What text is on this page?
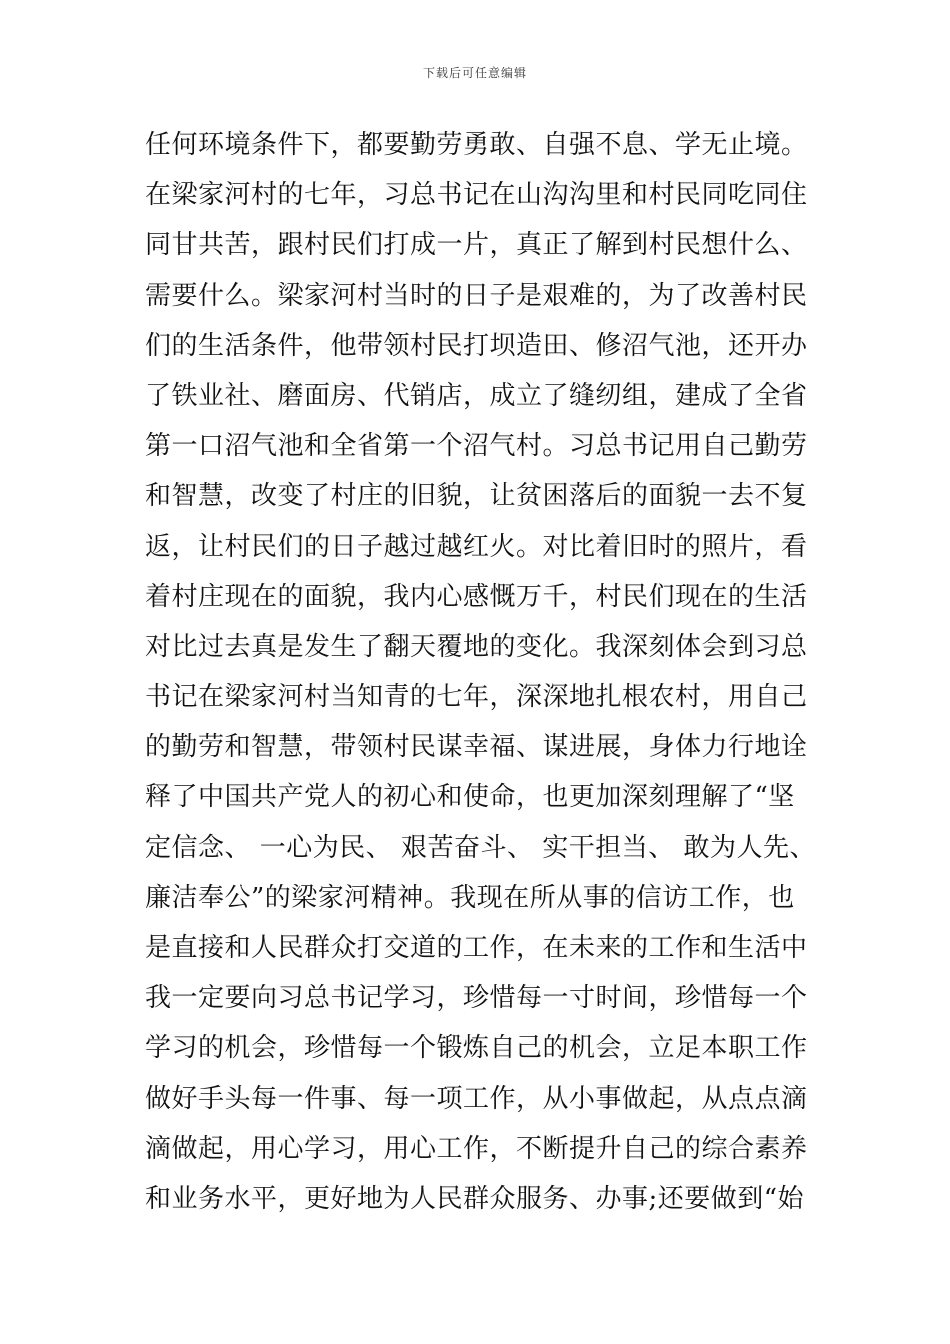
下载后可任意编辑
任何环境条件下，都要勤劳勇敢、自强不息、学无止境。
在梁家河村的七年，习总书记在山沟沟里和村民同吃同住
同甘共苦，跟村民们打成一片，真正了解到村民想什么、
需要什么。梁家河村当时的日子是艰难的，为了改善村民
们的生活条件，他带领村民打坝造田、修沼气池，还开办
了铁业社、磨面房、代销店，成立了缝纫组，建成了全省
第一口沼气池和全省第一个沼气村。习总书记用自己勤劳
和智慧，改变了村庄的旧貌，让贫困落后的面貌一去不复
返，让村民们的日子越过越红火。对比着旧时的照片，看
着村庄现在的面貌，我内心感慨万千，村民们现在的生活
对比过去真是发生了翻天覆地的变化。我深刻体会到习总
书记在梁家河村当知青的七年，深深地扎根农村，用自己
的勤劳和智慧，带领村民谋幸福、谋进展，身体力行地诠
释了中国共产党人的初心和使命，也更加深刻理解了“坚
定信念、 一心为民、 艰苦奋斗、 实干担当、 敢为人先、
廉洁奉公”的梁家河精神。我现在所从事的信访工作，也
是直接和人民群众打交道的工作，在未来的工作和生活中
我一定要向习总书记学习，珍惜每一寸时间，珍惜每一个
学习的机会，珍惜每一个锻炼自己的机会，立足本职工作
做好手头每一件事、每一项工作，从小事做起，从点点滴
滴做起，用心学习，用心工作，不断提升自己的综合素养
和业务水平，更好地为人民群众服务、办事;还要做到“始
